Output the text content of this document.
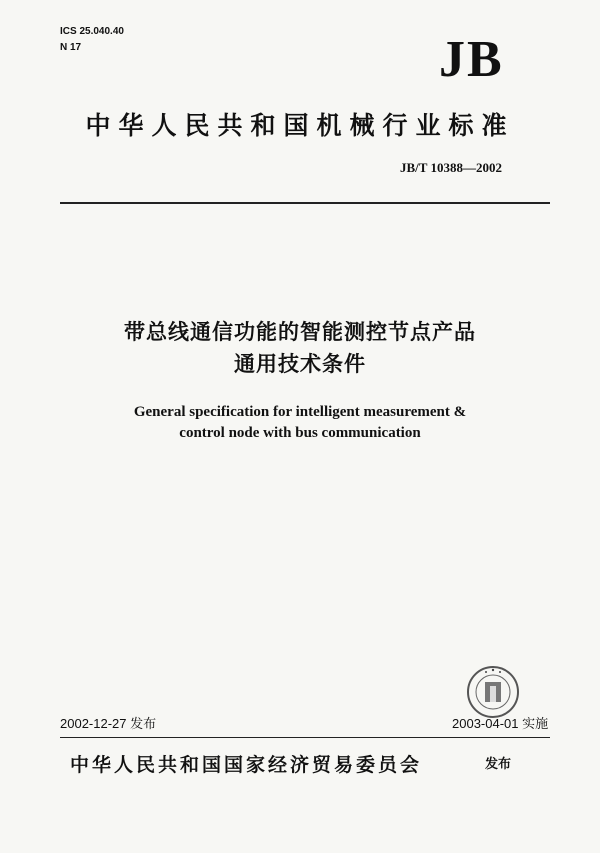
ICS 25.040.40
N 17	JB
中华人民共和国机械行业标准
JB/T 10388—2002
带总线通信功能的智能测控节点产品
通用技术条件
General specification for intelligent measurement &
control node with bus communication
2002-12-27 发布	2003-04-01 实施
中华人民共和国国家经济贸易委员会	发布
